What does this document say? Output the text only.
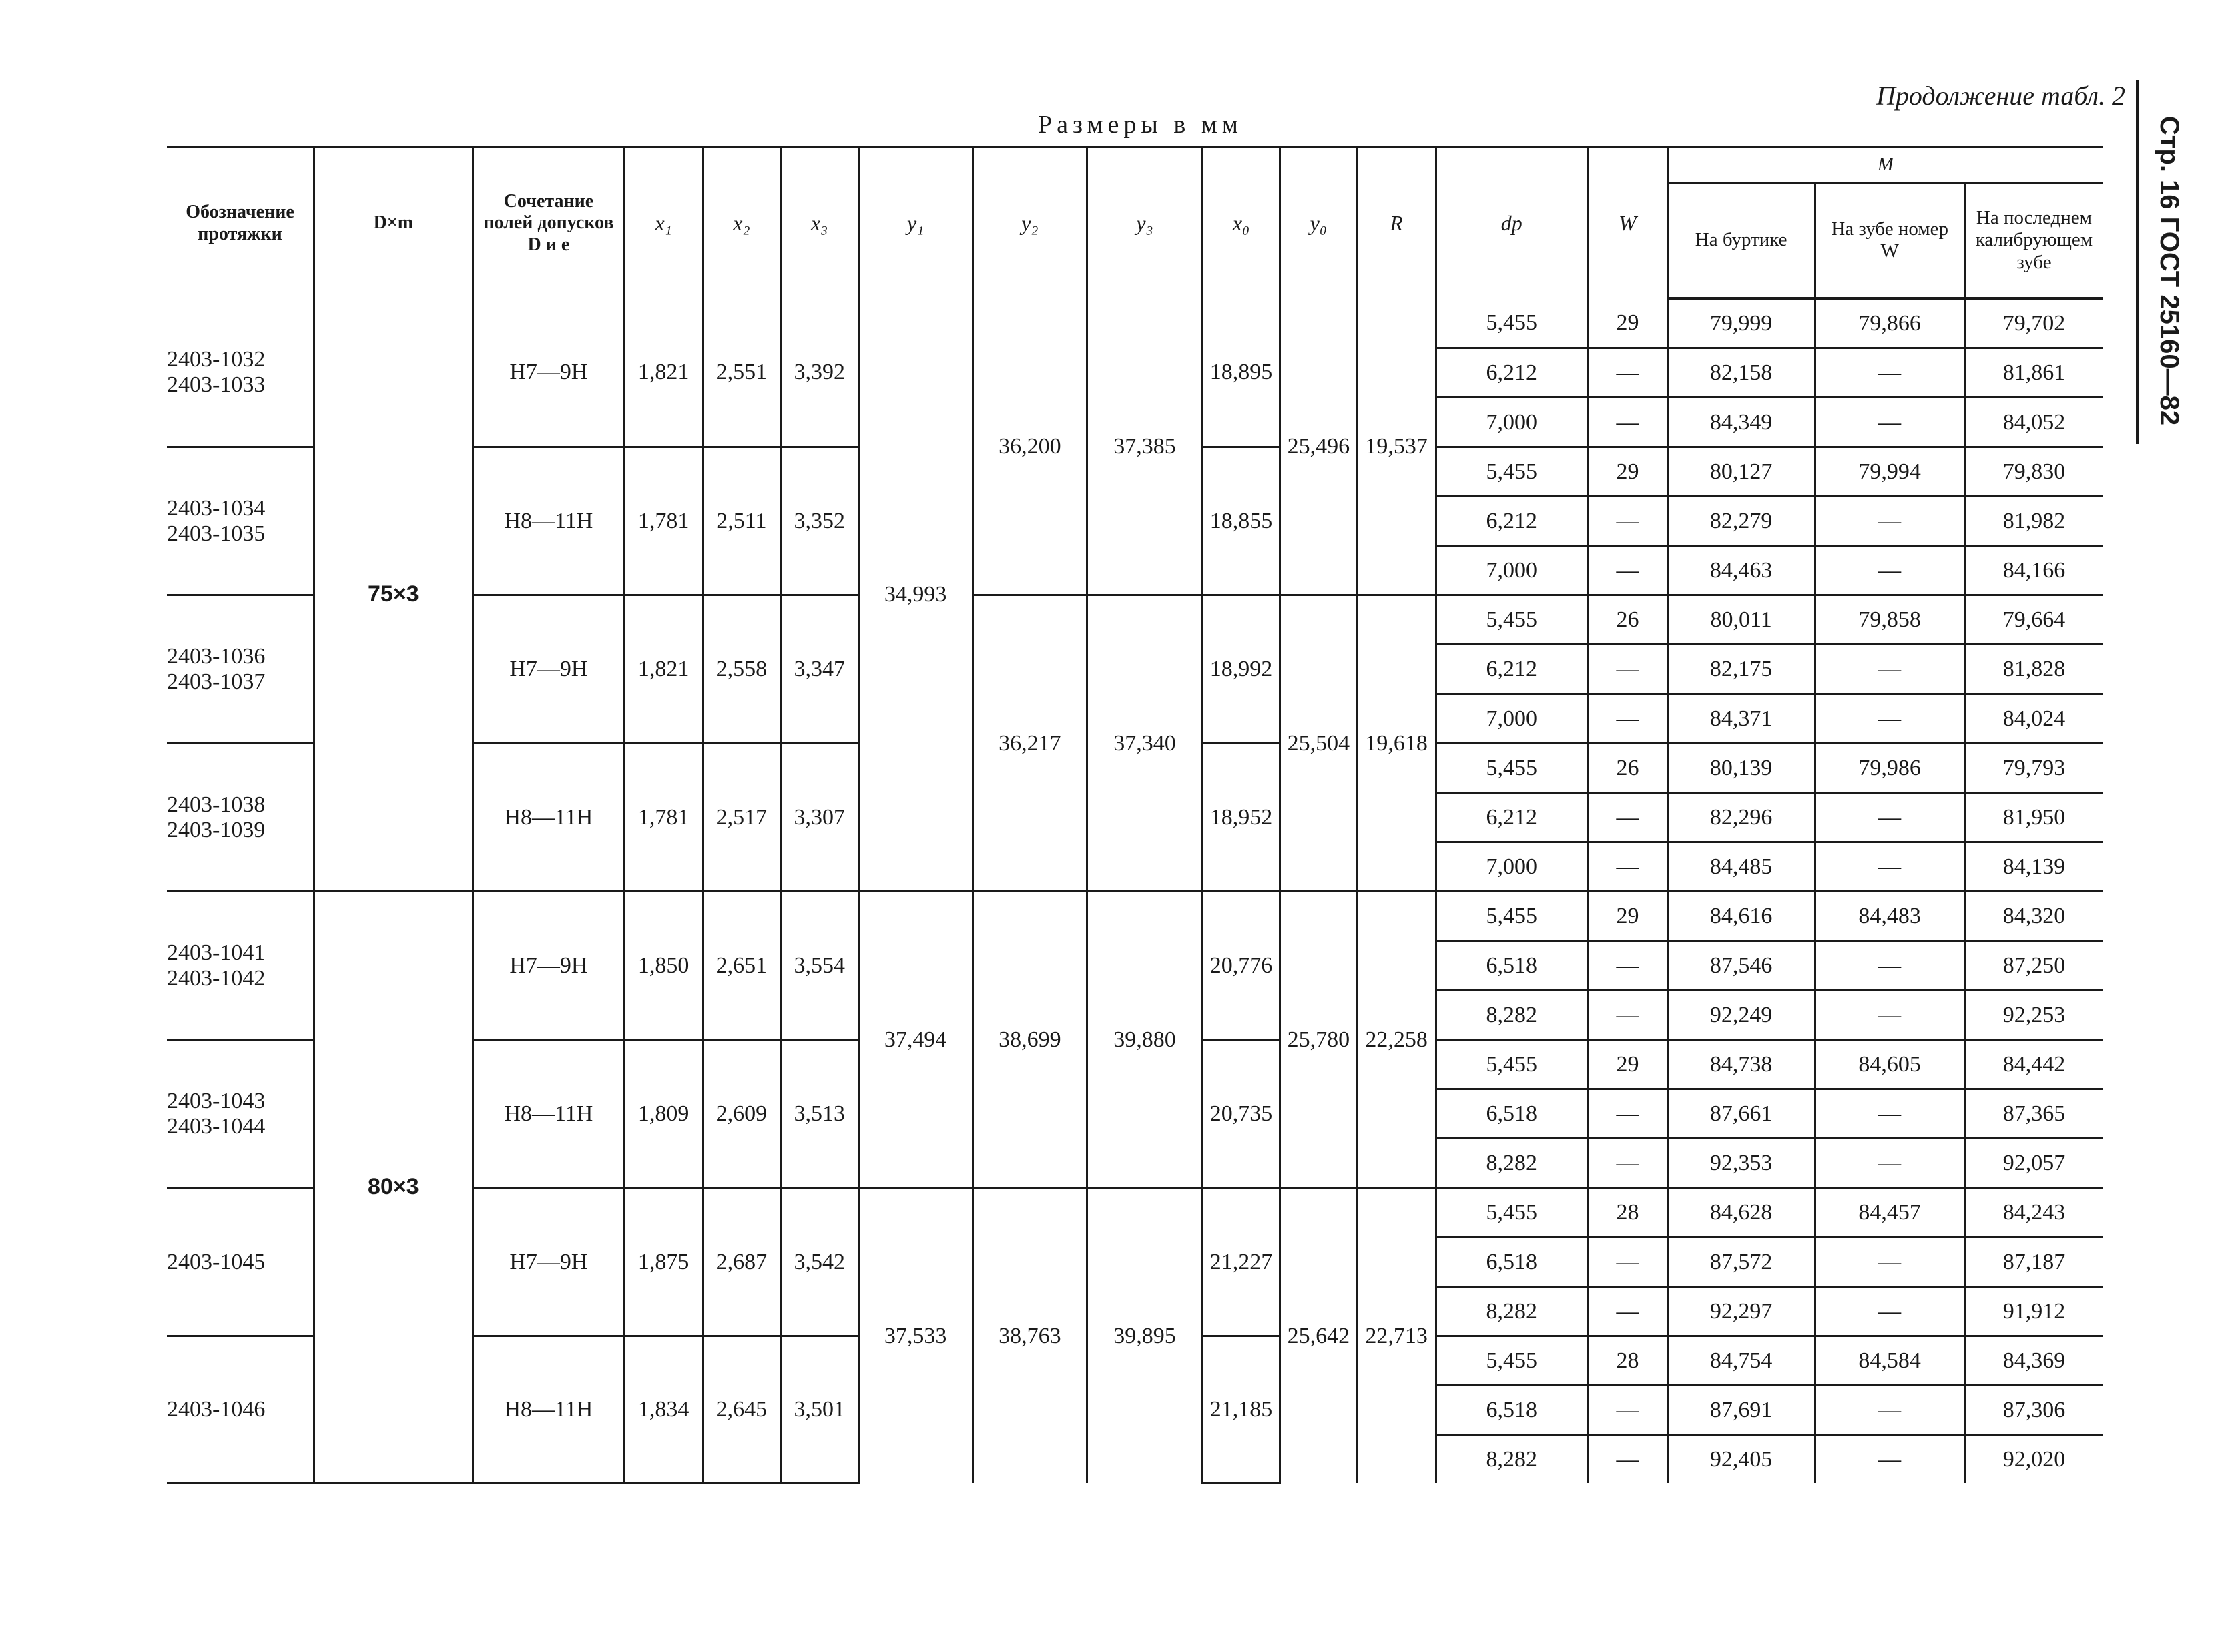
Продолжение табл. 2
Размеры в мм	Стр. 16 ГОСТ 25160—82
Обозначение протяжки	D×m	Сочетание полей допусков D и e	x₁	x₂	x₃	y₁	y₂	y₃	x₀	y₀	R	dp	W	M		
														На буртике	На зубе номер W	На последнем калибрующем зубе

2403-1032
2403-1033	75×3	H7—9H	1,821	2,551	3,392	34,993	36,200	37,385	18,895	25,496	19,537	5,455	29	79,999	79,866	79,702
												6,212	—	82,158	—	81,861
												7,000	—	84,349	—	84,052

2403-1034
2403-1035		H8—11H	1,781	2,511	3,352				18,855			5,455	29	80,127	79,994	79,830
												6,212	—	82,279	—	81,982
												7,000	—	84,463	—	84,166

2403-1036
2403-1037		H7—9H	1,821	2,558	3,347		36,217	37,340	18,992	25,504	19,618	5,455	26	80,011	79,858	79,664
												6,212	—	82,175	—	81,828
												7,000	—	84,371	—	84,024

2403-1038
2403-1039		H8—11H	1,781	2,517	3,307				18,952			5,455	26	80,139	79,986	79,793
												6,212	—	82,296	—	81,950
												7,000	—	84,485	—	84,139

2403-1041
2403-1042	80×3	H7—9H	1,850	2,651	3,554	37,494	38,699	39,880	20,776	25,780	22,258	5,455	29	84,616	84,483	84,320
												6,518	—	87,546	—	87,250
												8,282	—	92,249	—	92,253

2403-1043
2403-1044		H8—11H	1,809	2,609	3,513				20,735			5,455	29	84,738	84,605	84,442
												6,518	—	87,661	—	87,365
												8,282	—	92,353	—	92,057

2403-1045		H7—9H	1,875	2,687	3,542	37,533	38,763	39,895	21,227	25,642	22,713	5,455	28	84,628	84,457	84,243
												6,518	—	87,572	—	87,187
												8,282	—	92,297	—	91,912

2403-1046		H8—11H	1,834	2,645	3,501				21,185			5,455	28	84,754	84,584	84,369
												6,518	—	87,691	—	87,306
												8,282	—	92,405	—	92,020
